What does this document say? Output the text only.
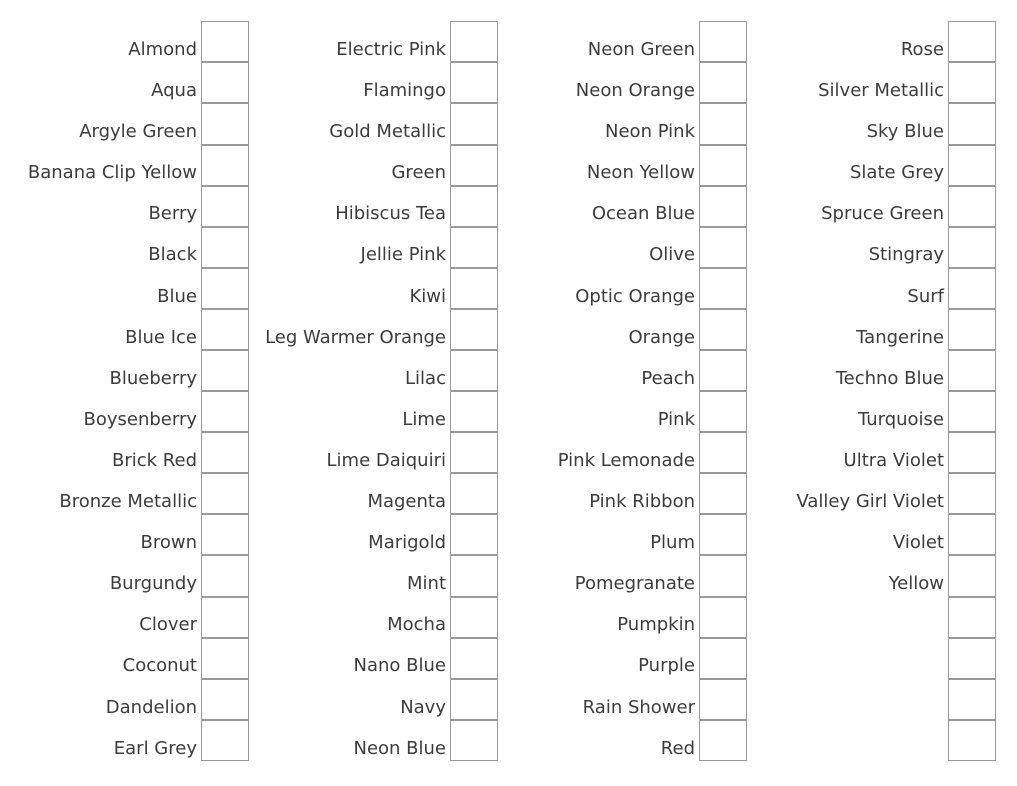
Almond
Aqua
Argyle Green
Banana Clip Yellow
Berry
Black
Blue
Blue Ice
Blueberry
Boysenberry
Brick Red
Bronze Metallic
Brown
Burgundy
Clover
Coconut
Dandelion
Earl Grey
Electric Pink
Flamingo
Gold Metallic
Green
Hibiscus Tea
Jellie Pink
Kiwi
Leg Warmer Orange
Lilac
Lime
Lime Daiquiri
Magenta
Marigold
Mint
Mocha
Nano Blue
Navy
Neon Blue
Neon Green
Neon Orange
Neon Pink
Neon Yellow
Ocean Blue
Olive
Optic Orange
Orange
Peach
Pink
Pink Lemonade
Pink Ribbon
Plum
Pomegranate
Pumpkin
Purple
Rain Shower
Red
Rose
Silver Metallic
Sky Blue
Slate Grey
Spruce Green
Stingray
Surf
Tangerine
Techno Blue
Turquoise
Ultra Violet
Valley Girl Violet
Violet
Yellow
